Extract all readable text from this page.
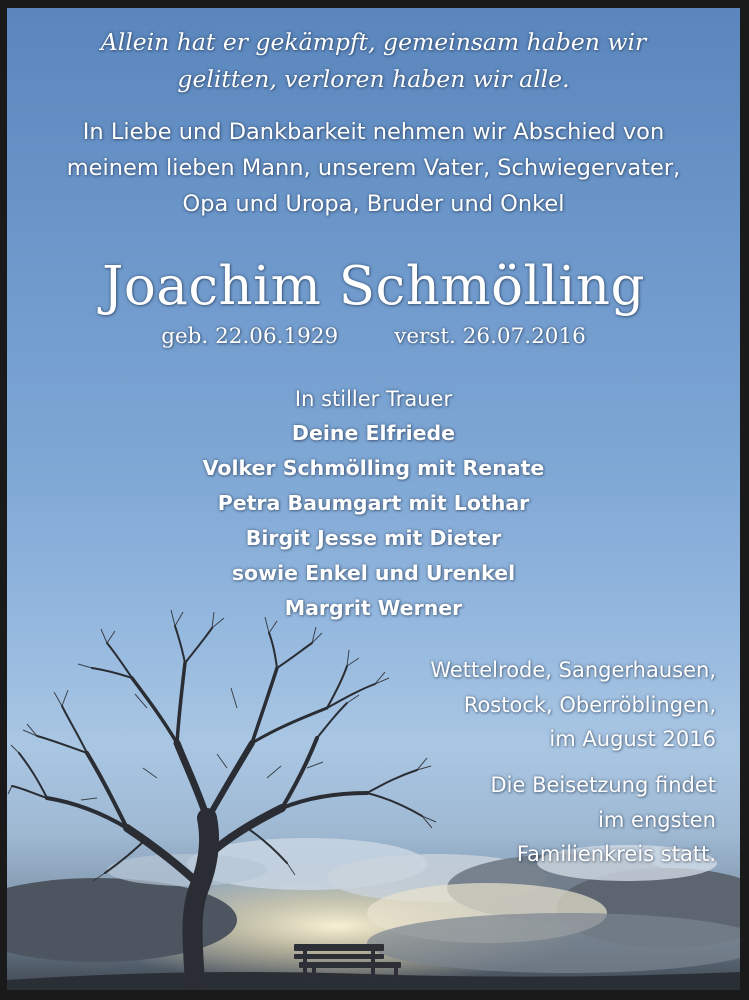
Allein hat er gekämpft, gemeinsam haben wir
gelitten, verloren haben wir alle.

In Liebe und Dankbarkeit nehmen wir Abschied von
meinem lieben Mann, unserem Vater, Schwiegervater,
Opa und Uropa, Bruder und Onkel

Joachim Schmölling

geb. 22.06.1929	verst. 26.07.2016

In stiller Trauer

Deine Elfriede
Volker Schmölling mit Renate
Petra Baumgart mit Lothar
Birgit Jesse mit Dieter
sowie Enkel und Urenkel
Margrit Werner

Wettelrode, Sangerhausen,
Rostock, Oberröblingen,
im August 2016

Die Beisetzung findet
im engsten
Familienkreis statt.
